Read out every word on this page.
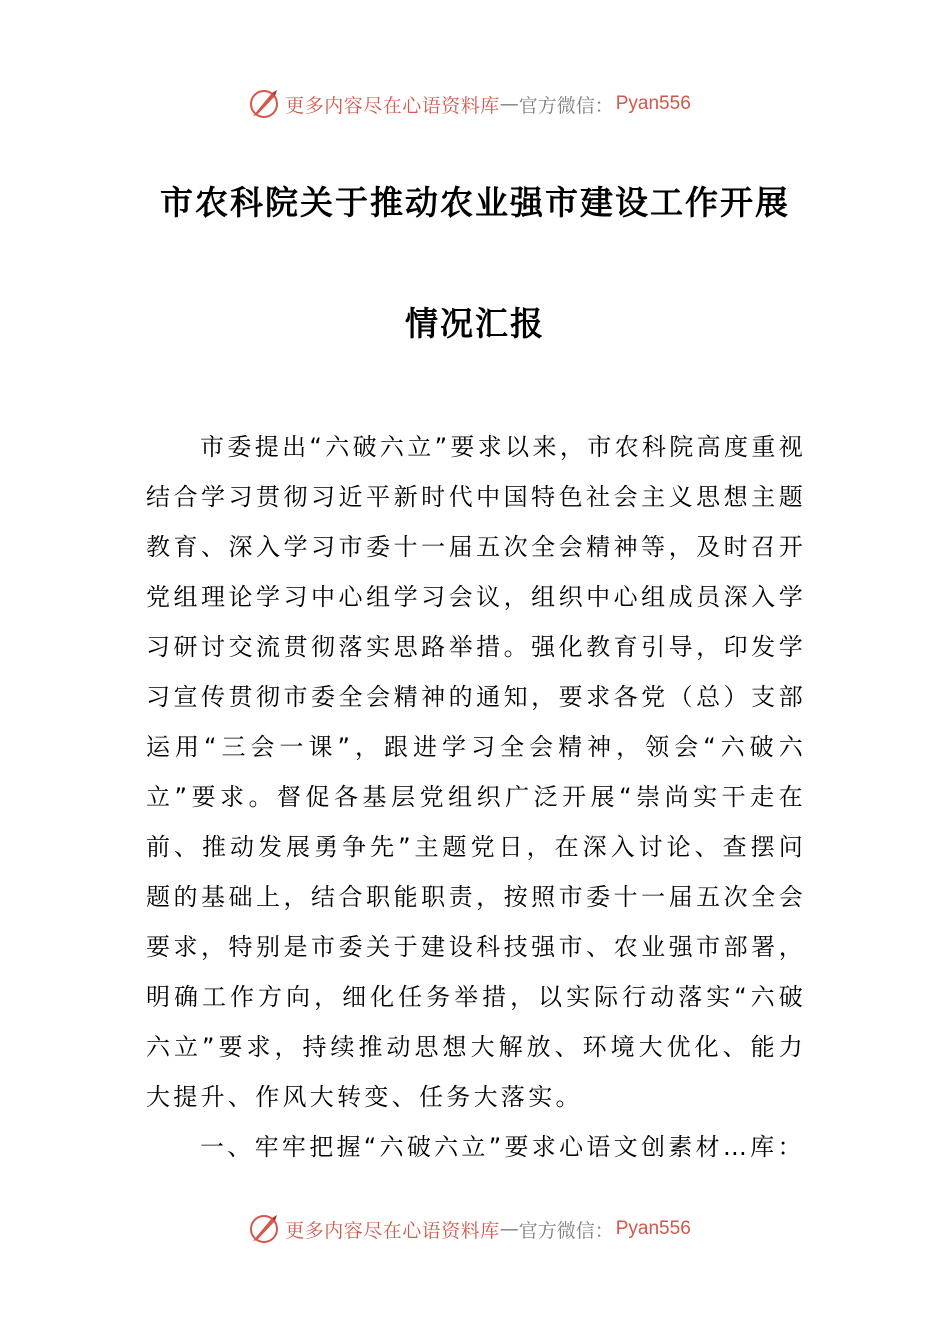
更多内容尽在心语资料库 — 官方微信： Pyan556
市农科院关于推动农业强市建设工作开展
情况汇报
市委提出“六破六立”要求以来，市农科院高度重视结合学习贯彻习近平新时代中国特色社会主义思想主题教育、深入学习市委十一届五次全会精神等，及时召开党组理论学习中心组学习会议，组织中心组成员深入学习研讨交流贯彻落实思路举措。强化教育引导，印发学习宣传贯彻市委全会精神的通知，要求各党（总）支部运用“三会一课”，跟进学习全会精神，领会“六破六立”要求。督促各基层党组织广泛开展“崇尚实干走在前、推动发展勇争先”主题党日，在深入讨论、查摆问题的基础上，结合职能职责，按照市委十一届五次全会要求，特别是市委关于建设科技强市、农业强市部署，明确工作方向，细化任务举措，以实际行动落实“六破六立”要求，持续推动思想大解放、环境大优化、能力大提升、作风大转变、任务大落实。
一、牢牢把握“六破六立”要求心语文创素材…库：
更多内容尽在心语资料库 — 官方微信： Pyan556
